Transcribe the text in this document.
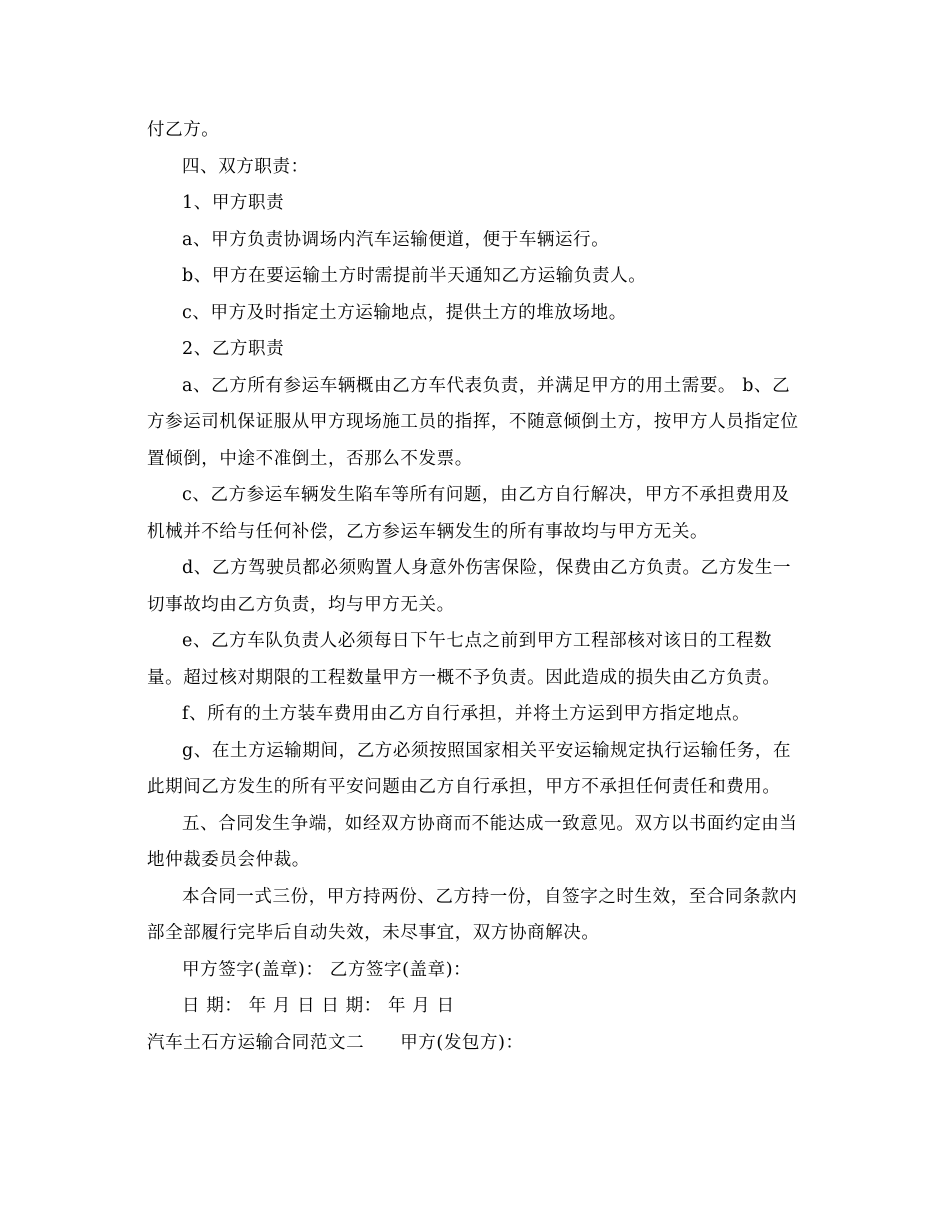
付乙方。

四、双方职责：

1、甲方职责

a、甲方负责协调场内汽车运输便道，便于车辆运行。

b、甲方在要运输土方时需提前半天通知乙方运输负责人。

c、甲方及时指定土方运输地点，提供土方的堆放场地。

2、乙方职责

a、乙方所有参运车辆概由乙方车代表负责，并满足甲方的用土需要。 b、乙方参运司机保证服从甲方现场施工员的指挥，不随意倾倒土方，按甲方人员指定位置倾倒，中途不准倒土，否那么不发票。

c、乙方参运车辆发生陷车等所有问题，由乙方自行解决，甲方不承担费用及机械并不给与任何补偿，乙方参运车辆发生的所有事故均与甲方无关。

d、乙方驾驶员都必须购置人身意外伤害保险，保费由乙方负责。乙方发生一切事故均由乙方负责，均与甲方无关。

e、乙方车队负责人必须每日下午七点之前到甲方工程部核对该日的工程数量。超过核对期限的工程数量甲方一概不予负责。因此造成的损失由乙方负责。

f、所有的土方装车费用由乙方自行承担，并将土方运到甲方指定地点。

g、在土方运输期间，乙方必须按照国家相关平安运输规定执行运输任务，在此期间乙方发生的所有平安问题由乙方自行承担，甲方不承担任何责任和费用。

五、合同发生争端，如经双方协商而不能达成一致意见。双方以书面约定由当地仲裁委员会仲裁。

本合同一式三份，甲方持两份、乙方持一份，自签字之时生效，至合同条款内部全部履行完毕后自动失效，未尽事宜，双方协商解决。

甲方签字(盖章)： 乙方签字(盖章)：

日 期： 年 月 日 日 期： 年 月 日

汽车土石方运输合同范文二 甲方(发包方)：
